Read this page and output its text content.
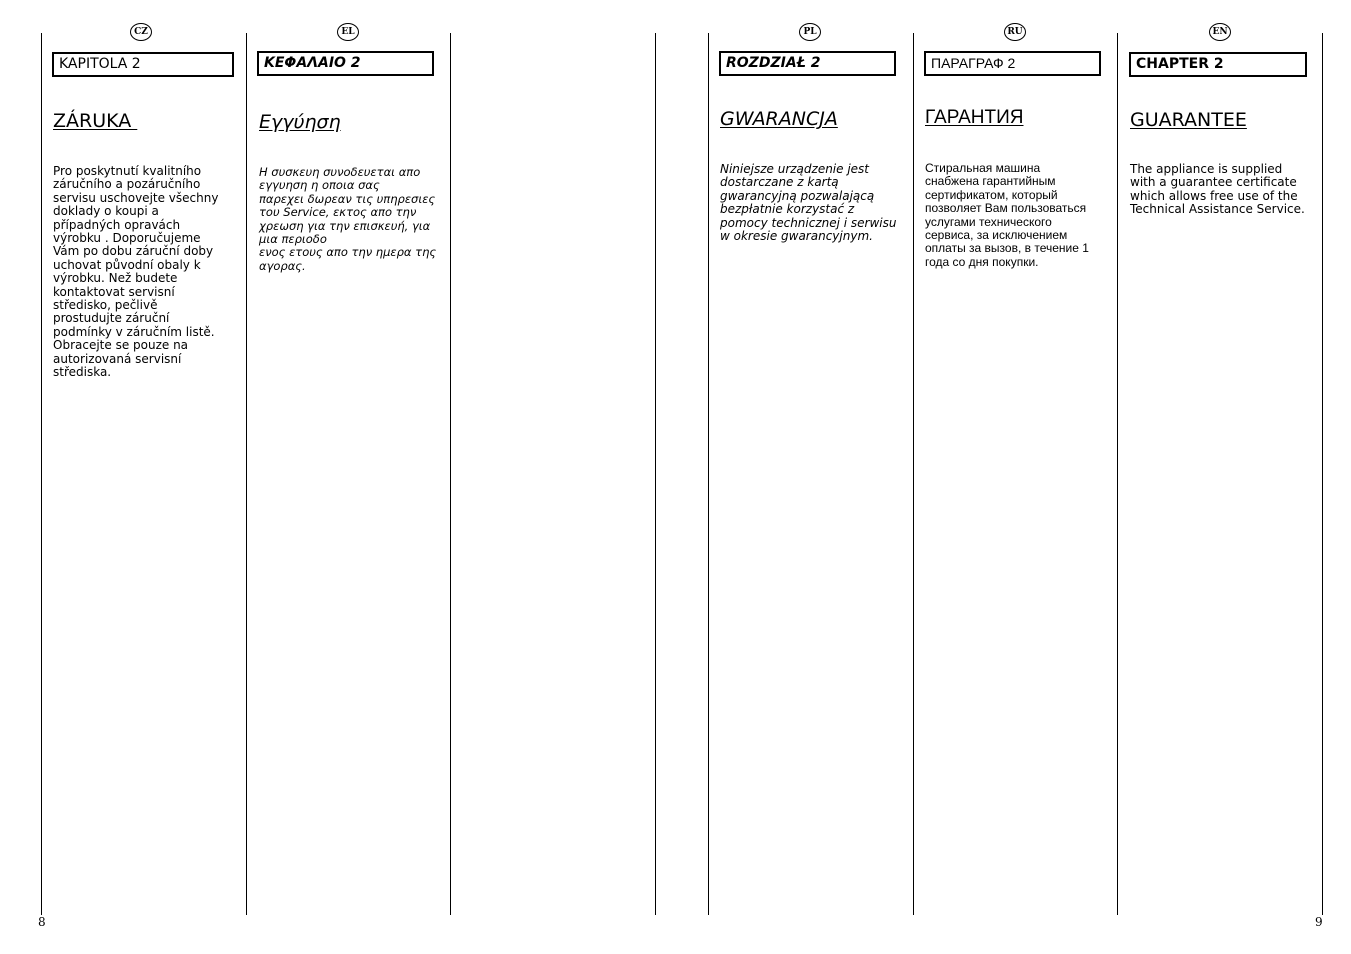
CZ
KAPITOLA 2
ZÁRUKA

Pro poskytnutí kvalitního
záručního a pozáručního
servisu uschovejte všechny
doklady o koupi a
případných opravách
výrobku . Doporučujeme
Vám po dobu záruční doby
uchovat původní obaly k
výrobku. Než budete
kontaktovat servisní
středisko, pečlivě
prostudujte záruční
podmínky v záručním listě.
Obracejte se pouze na
autorizovaná servisní
střediska.

EL
ΚΕΦΑΛΑΙΟ 2
Εγγύηση

Η συσκευη συνοδευεται απο
εγγυηση η οποια σας
παρεχει δωρεαν τις υπηρεσιες
του Service, εκτος απο την
χρεωση για την επισκευή, για
μια περιοδο
ενος ετους απο την ημερα της
αγορας.

PL
ROZDZIAŁ 2
GWARANCJA

Niniejsze urządzenie jest
dostarczane z kartą
gwarancyjną pozwalającą
bezpłatnie korzystać z
pomocy technicznej i serwisu
w okresie gwarancyjnym.

RU
ПАРАГРАФ 2
ГАРАНТИЯ

Стиральная машина
снабжена гарантийным
сертификатом, который
позволяет Вам пользоваться
услугами технического
сервиса, за исключением
оплаты за вызов, в течение 1
года со дня покупки.

EN
CHAPTER 2
GUARANTEE

The appliance is supplied
with a guarantee certificate
which allows free use of the
Technical Assistance Service.

8	9
